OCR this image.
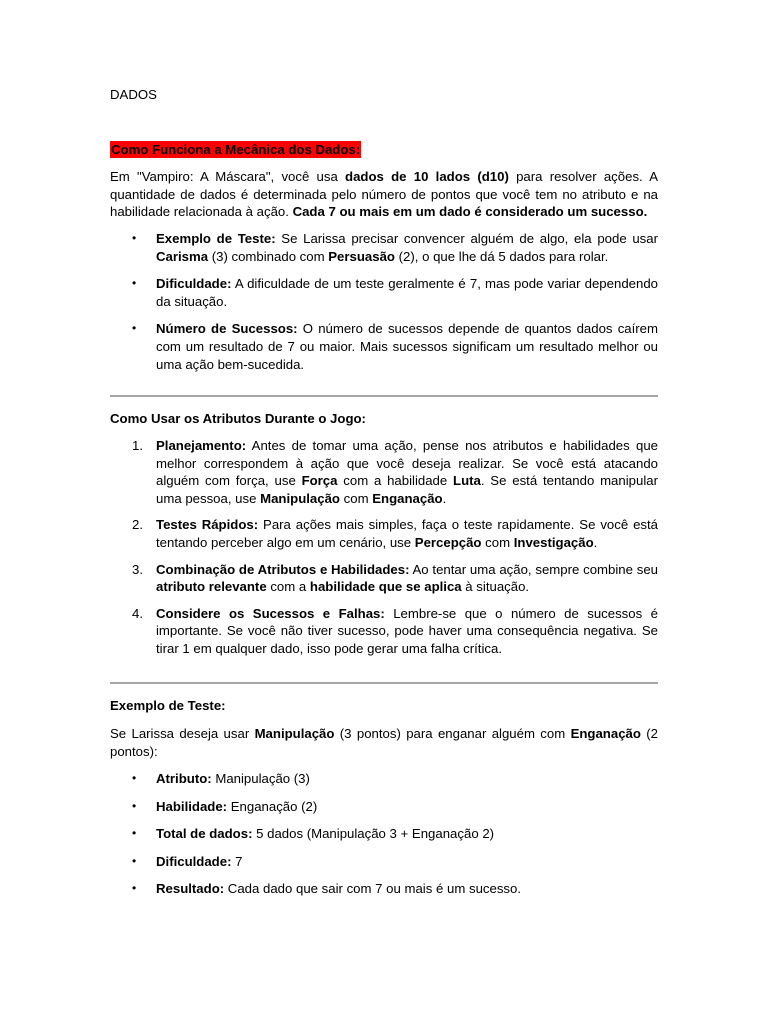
DADOS

Como Funciona a Mecânica dos Dados:

Em "Vampiro: A Máscara", você usa dados de 10 lados (d10) para resolver ações. A quantidade de dados é determinada pelo número de pontos que você tem no atributo e na habilidade relacionada à ação. Cada 7 ou mais em um dado é considerado um sucesso.

• Exemplo de Teste: Se Larissa precisar convencer alguém de algo, ela pode usar Carisma (3) combinado com Persuasão (2), o que lhe dá 5 dados para rolar.
• Dificuldade: A dificuldade de um teste geralmente é 7, mas pode variar dependendo da situação.
• Número de Sucessos: O número de sucessos depende de quantos dados caírem com um resultado de 7 ou maior. Mais sucessos significam um resultado melhor ou uma ação bem-sucedida.

Como Usar os Atributos Durante o Jogo:

1. Planejamento: Antes de tomar uma ação, pense nos atributos e habilidades que melhor correspondem à ação que você deseja realizar. Se você está atacando alguém com força, use Força com a habilidade Luta. Se está tentando manipular uma pessoa, use Manipulação com Enganação.
2. Testes Rápidos: Para ações mais simples, faça o teste rapidamente. Se você está tentando perceber algo em um cenário, use Percepção com Investigação.
3. Combinação de Atributos e Habilidades: Ao tentar uma ação, sempre combine seu atributo relevante com a habilidade que se aplica à situação.
4. Considere os Sucessos e Falhas: Lembre-se que o número de sucessos é importante. Se você não tiver sucesso, pode haver uma consequência negativa. Se tirar 1 em qualquer dado, isso pode gerar uma falha crítica.

Exemplo de Teste:

Se Larissa deseja usar Manipulação (3 pontos) para enganar alguém com Enganação (2 pontos):

• Atributo: Manipulação (3)
• Habilidade: Enganação (2)
• Total de dados: 5 dados (Manipulação 3 + Enganação 2)
• Dificuldade: 7
• Resultado: Cada dado que sair com 7 ou mais é um sucesso.
